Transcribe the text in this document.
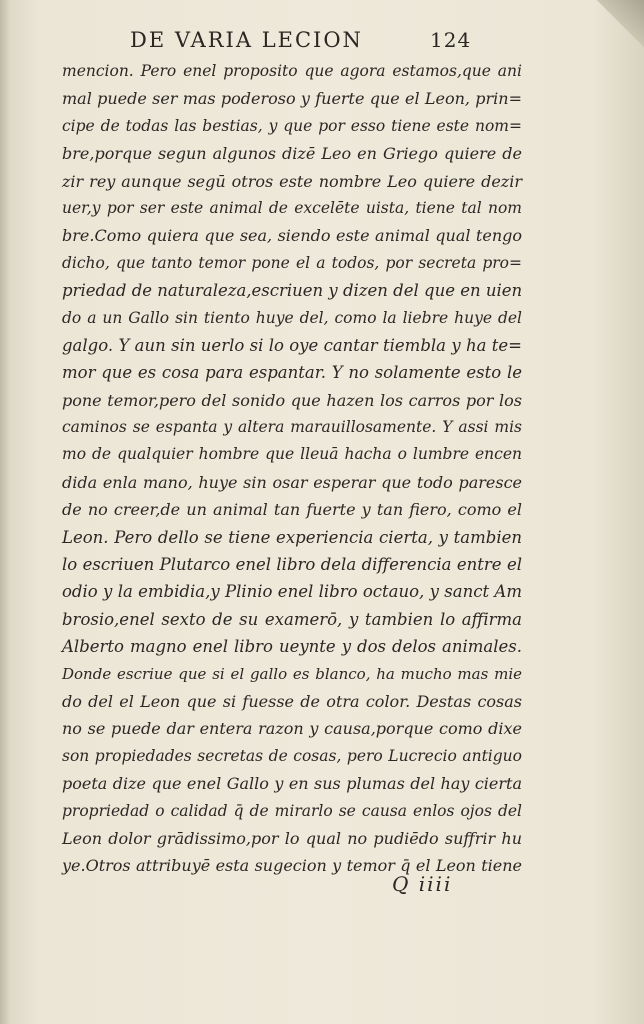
DE VARIA LECION	124
mencion. Pero enel proposito que agora estamos,que ani
mal puede ser mas poderoso y fuerte que el Leon, prin=
cipe de todas las bestias, y que por esso tiene este nom=
bre,porque segun algunos dizē Leo en Griego quiere de
zir rey aunque segū otros este nombre Leo quiere dezir
uer,y por ser este animal de excelēte uista, tiene tal nom
bre.Como quiera que sea, siendo este animal qual tengo
dicho, que tanto temor pone el a todos, por secreta pro=
priedad de naturaleza,escriuen y dizen del que en uien
do a un Gallo sin tiento huye del, como la liebre huye del
galgo. Y aun sin uerlo si lo oye cantar tiembla y ha te=
mor que es cosa para espantar. Y no solamente esto le
pone temor,pero del sonido que hazen los carros por los
caminos se espanta y altera marauillosamente. Y assi mis
mo de qualquier hombre que lleuā hacha o lumbre encen
dida enla mano, huye sin osar esperar que todo paresce
de no creer,de un animal tan fuerte y tan fiero, como el
Leon. Pero dello se tiene experiencia cierta, y tambien
lo escriuen Plutarco enel libro dela differencia entre el
odio y la embidia,y Plinio enel libro octauo, y sanct Am
brosio,enel sexto de su examerō, y tambien lo affirma
Alberto magno enel libro ueynte y dos delos animales.
Donde escriue que si el gallo es blanco, ha mucho mas mie
do del el Leon que si fuesse de otra color. Destas cosas
no se puede dar entera razon y causa,porque como dixe
son propiedades secretas de cosas, pero Lucrecio antiguo
poeta dize que enel Gallo y en sus plumas del hay cierta
propriedad o calidad q̄ de mirarlo se causa enlos ojos del
Leon dolor grādissimo,por lo qual no pudiēdo suffrir hu
ye.Otros attribuyē esta sugecion y temor q̄ el Leon tiene
Q iiii
